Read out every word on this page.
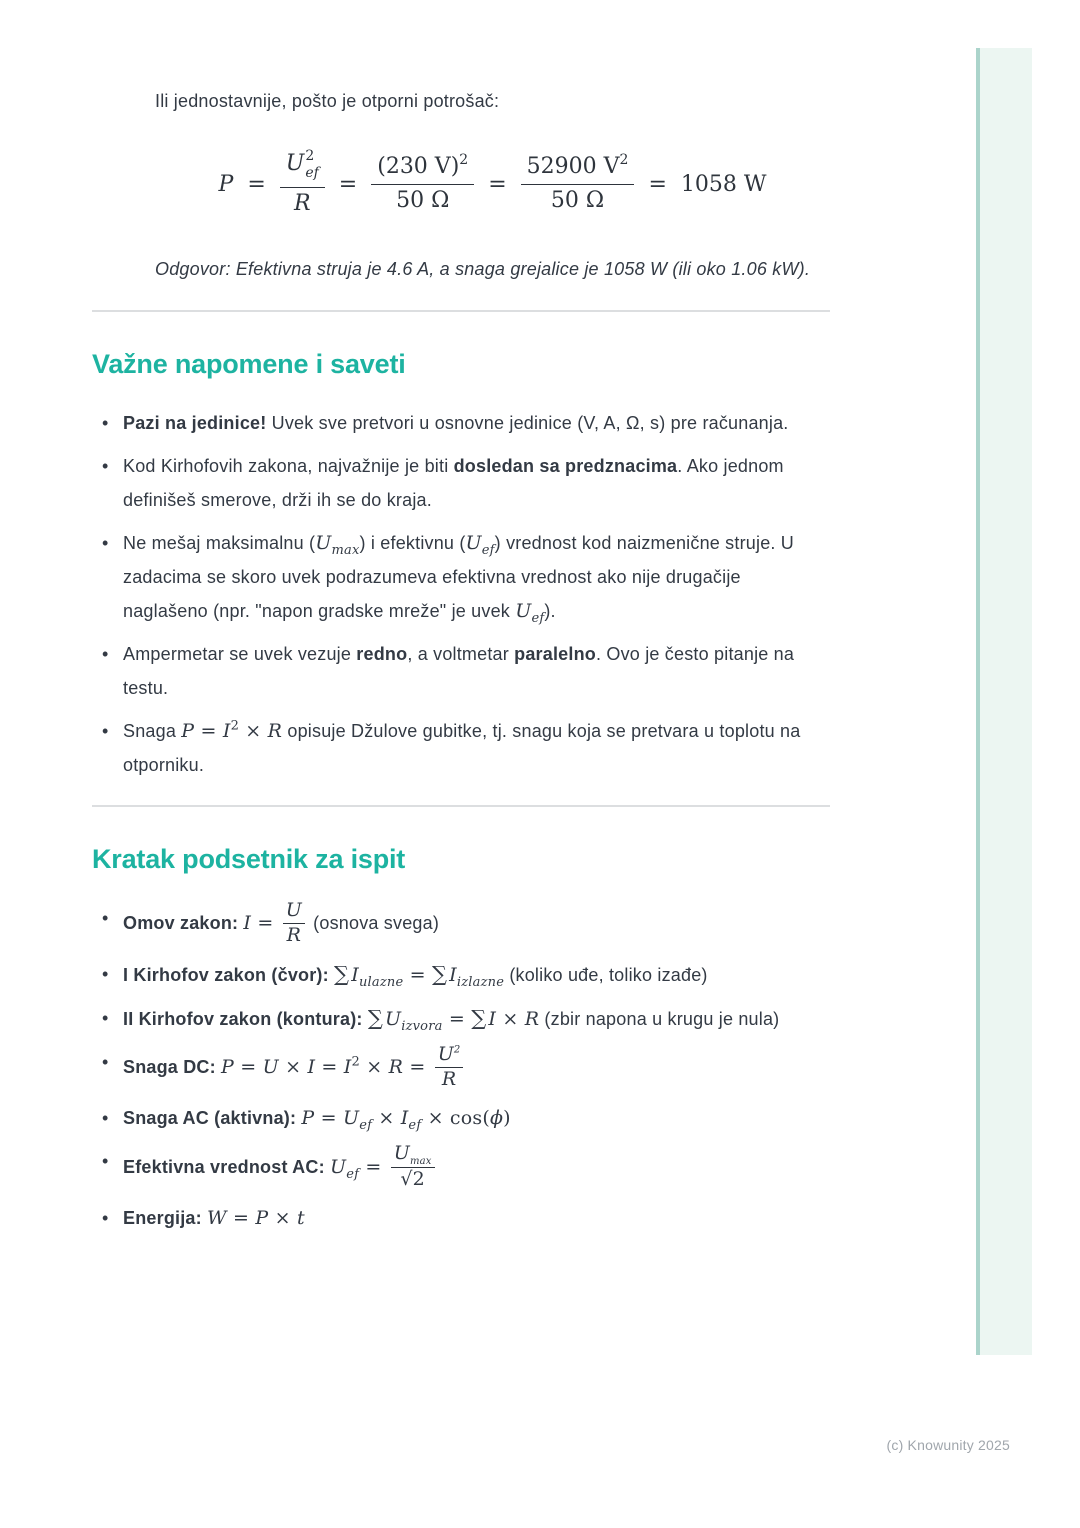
Ili jednostavnije, pošto je otporni potrošač:

P = U 2
ef
$R = \frac{(230 V) 2}{50 \Omega} = \frac{52900 V 2}{50 \Omega} = 1058$ W

Odgovor: Efektivna struja je 4.6 A, a snaga grejalice je 1058 W (ili oko 1.06 kW).

Važne napomene i saveti
• Pazi na jedinice! Uvek sve pretvori u osnovne jedinice (V, A, Ω, s) pre računanja.
• Kod Kirhofovih zakona, najvažnije je biti dosledan sa predznacima. Ako jednom definišeš smerove, drži ih se do kraja.
• Ne mešaj maksimalnu $(U_{max})$ i efektivnu $(U_{ef})$ vrednost kod naizmenične struje. U zadacima se skoro uvek podrazumeva efektivna vrednost ako nije drugačije naglašeno (npr. "napon gradske mreže" je uvek $U_{ef}$).
• Ampermetar se uvek vezuje redno, a voltmetar paralelno. Ovo je često pitanje na testu.
• Snaga $P = I^2 \times R$ opisuje Džulove gubitke, tj. snagu koja se pretvara u toplotu na otporniku.
Kratak podsetnik za ispit
• Omov zakon: $I = \frac{U}{R}$ (osnova svega)
• I Kirhofov zakon (čvor): ∑ $I_{ulazne}$ = ∑ $I_{izlazne}$ (koliko uđe, toliko izađe)
• II Kirhofov zakon (kontura): ∑ $U_{izvora}$ = ∑ I × R (zbir napona u krugu je nula)
• Snaga DC: $P = U \times I = I^2 \times R = \frac{U^2}{R}$
• Snaga AC (aktivna): $P = U_{ef} \times I_{ef} \times \cos(\phi)$
• Efektivna vrednost AC: $U_{ef}$ =
$U_{max}$
√2
• Energija: W = P × t
(c) Knowunity 2025
